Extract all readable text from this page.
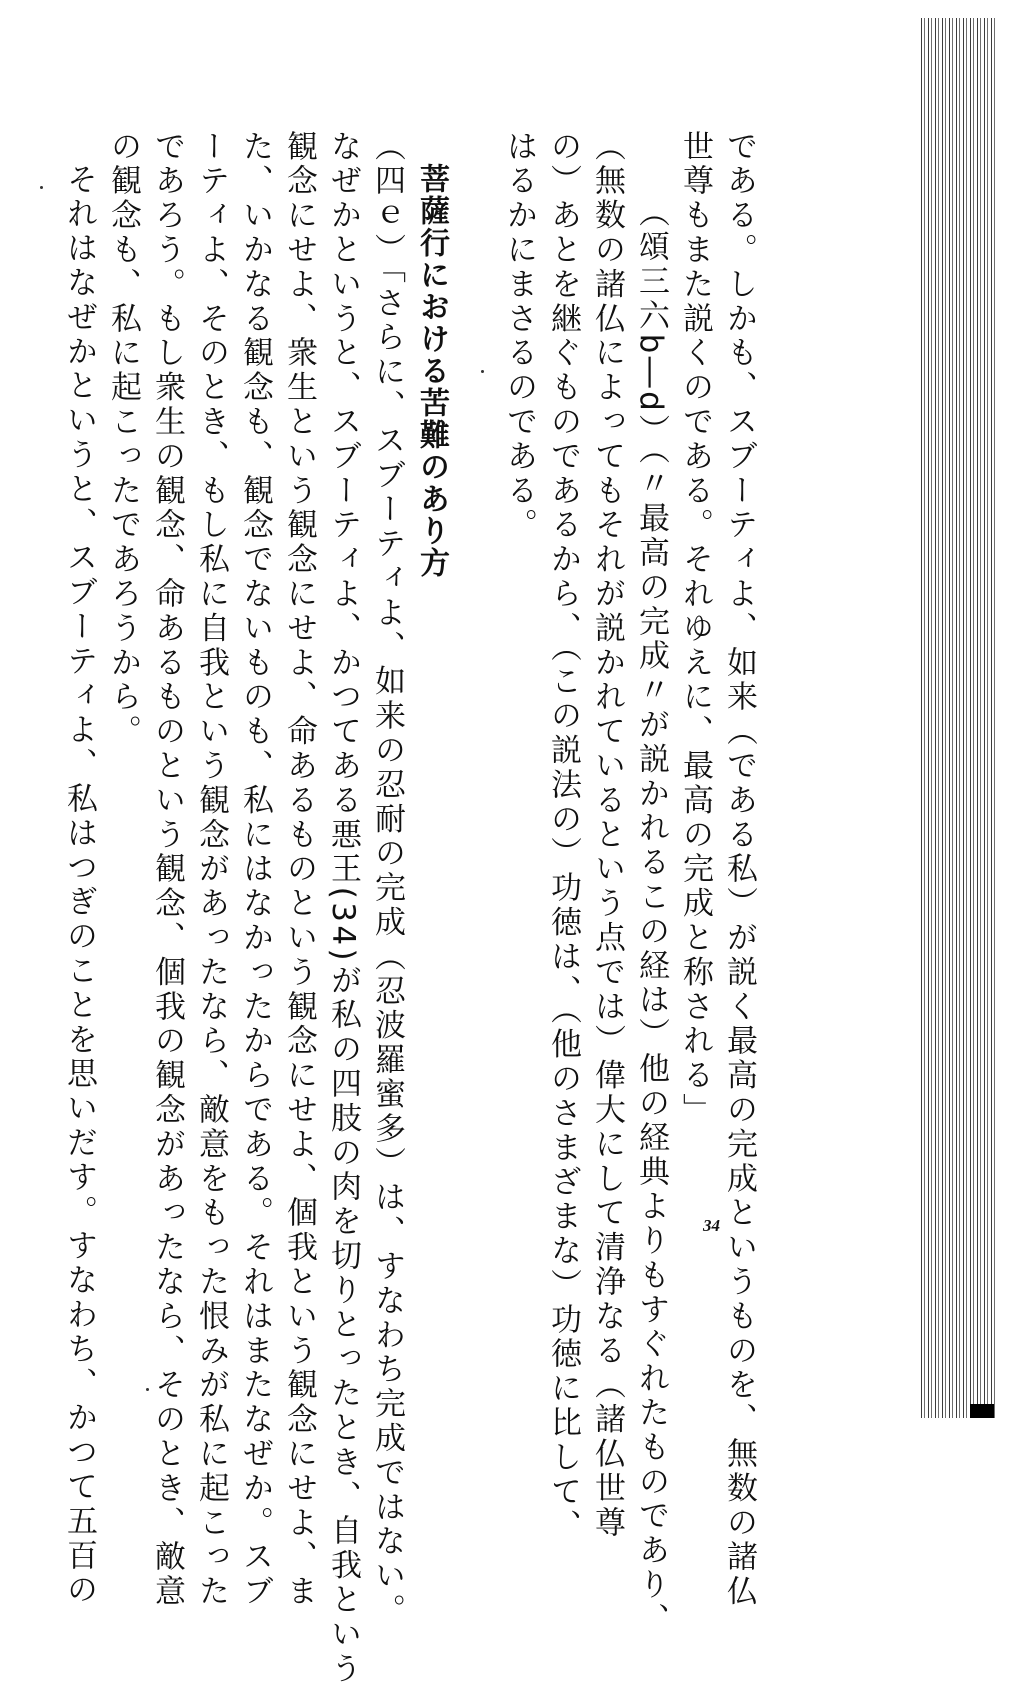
である。しかも、スブーティよ、如来（である私）が説く最高の完成というものを、無数の諸仏
世尊もまた説くのである。それゆえに、最高の完成と称される」
（頌三六b―d）（〃最高の完成〃が説かれるこの経は）他の経典よりもすぐれたものであり、
（無数の諸仏によってもそれが説かれているという点では）偉大にして清浄なる（諸仏世尊
の）あとを継ぐものであるから、（この説法の）功徳は、（他のさまざまな）功徳に比して、
はるかにまさるのである。
菩薩行における苦難のあり方
（四ｅ）「さらに、スブーティよ、如来の忍耐の完成（忍波羅蜜多）は、すなわち完成ではない。
なぜかというと、スブーティよ、かつてある悪王(34)が私の四肢の肉を切りとったとき、自我という
観念にせよ、衆生という観念にせよ、命あるものという観念にせよ、個我という観念にせよ、ま
た、いかなる観念も、観念でないものも、私にはなかったからである。それはまたなぜか。スブ
ーティよ、そのとき、もし私に自我という観念があったなら、敵意をもった恨みが私に起こった
であろう。もし衆生の観念、命あるものという観念、個我の観念があったなら、そのとき、敵意
の観念も、私に起こったであろうから。
それはなぜかというと、スブーティよ、私はつぎのことを思いだす。すなわち、かつて五百の	34
